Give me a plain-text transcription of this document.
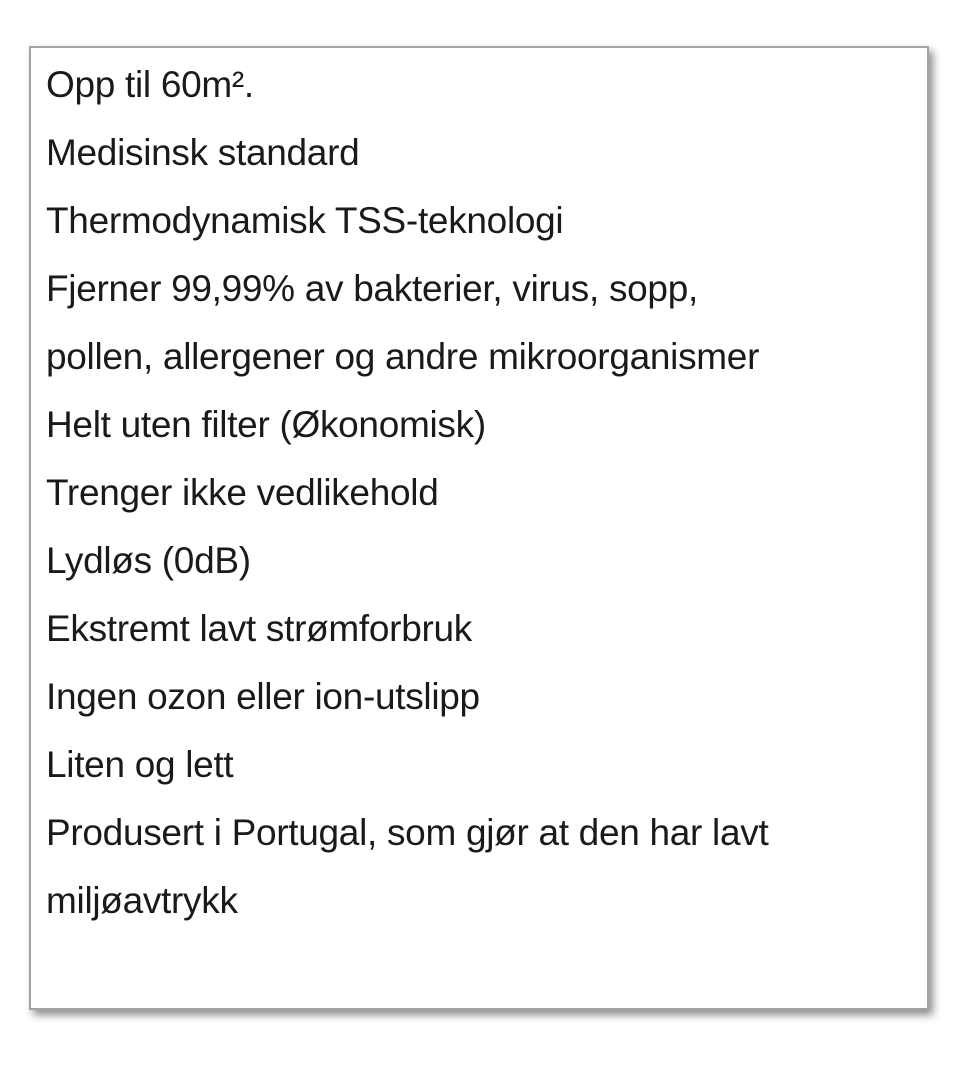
Opp til 60m².
Medisinsk standard
Thermodynamisk TSS-teknologi
Fjerner 99,99% av bakterier, virus, sopp,
pollen, allergener og andre mikroorganismer
Helt uten filter (Økonomisk)
Trenger ikke vedlikehold
Lydløs (0dB)
Ekstremt lavt strømforbruk
Ingen ozon eller ion-utslipp
Liten og lett
Produsert i Portugal, som gjør at den har lavt
miljøavtrykk
